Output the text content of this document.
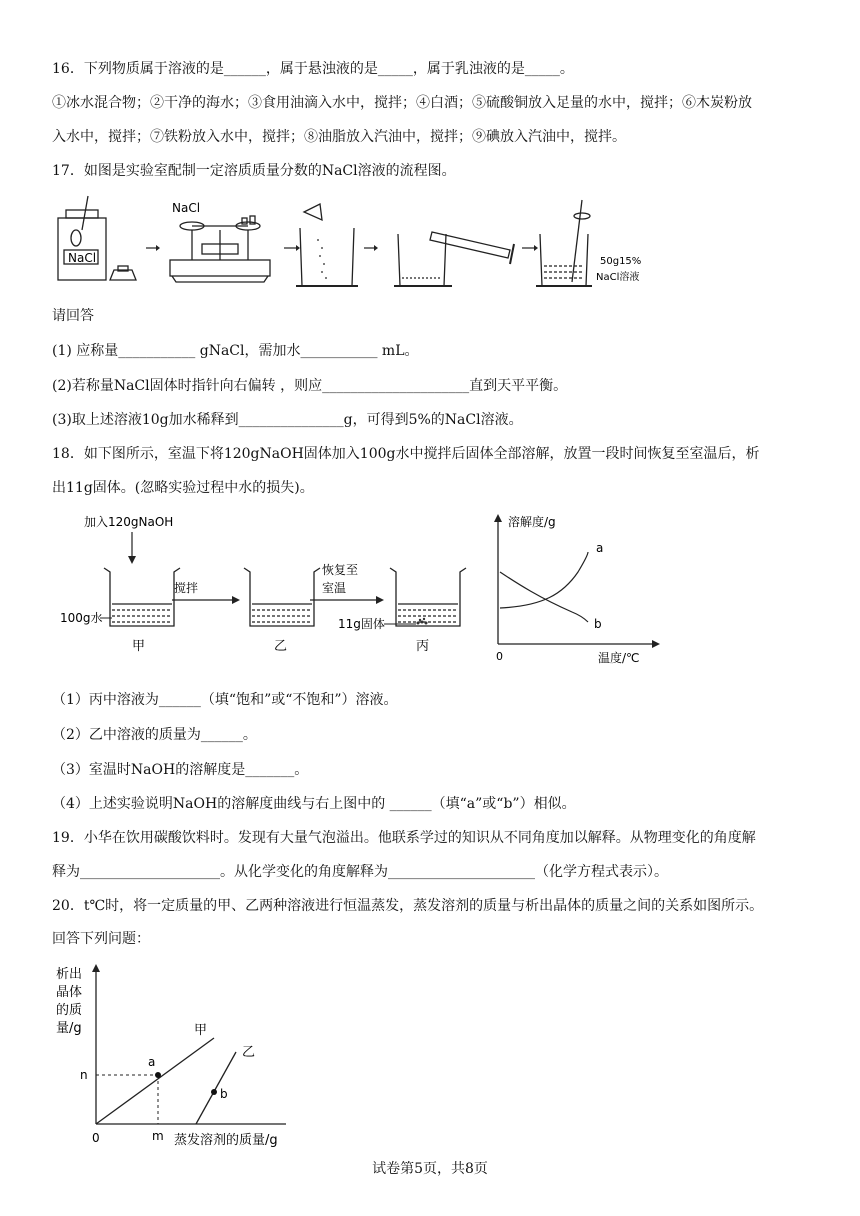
16．下列物质属于溶液的是______，属于悬浊液的是_____，属于乳浊液的是_____。
①冰水混合物；②干净的海水；③食用油滴入水中，搅拌；④白酒；⑤硫酸铜放入足量的水中，搅拌；⑥木炭粉放
入水中，搅拌；⑦铁粉放入水中，搅拌；⑧油脂放入汽油中，搅拌；⑨碘放入汽油中，搅拌。
17．如图是实验室配制一定溶质质量分数的NaCl溶液的流程图。
NaCl
NaCl
50g15%
NaCl溶液
请回答
(1) 应称量___________ gNaCl，需加水___________ mL。
(2)若称量NaCl固体时指针向右偏转 ，则应_____________________直到天平平衡。
(3)取上述溶液10g加水稀释到_______________g，可得到5%的NaCl溶液。
18．如下图所示，室温下将120gNaOH固体加入100g水中搅拌后固体全部溶解，放置一段时间恢复至室温后，析
出11g固体。(忽略实验过程中水的损失)。
加入120gNaOH
100g水
甲
搅拌
乙
恢复至
室温
11g固体
丙
溶解度/g
温度/℃
0
a
b
（1）丙中溶液为______（填“饱和”或“不饱和”）溶液。
（2）乙中溶液的质量为______。
（3）室温时NaOH的溶解度是_______。
（4）上述实验说明NaOH的溶解度曲线与右上图中的 ______（填“a”或“b”）相似。
19．小华在饮用碳酸饮料时。发现有大量气泡溢出。他联系学过的知识从不同角度加以解释。从物理变化的角度解
释为____________________。从化学变化的角度解释为_____________________（化学方程式表示）。
20．t℃时，将一定质量的甲、乙两种溶液进行恒温蒸发，蒸发溶剂的质量与析出晶体的质量之间的关系如图所示。
回答下列问题：
析出
晶体
的质
量/g
0	蒸发溶剂的质量/g
甲
乙
a
b
n
m
试卷第5页，共8页
